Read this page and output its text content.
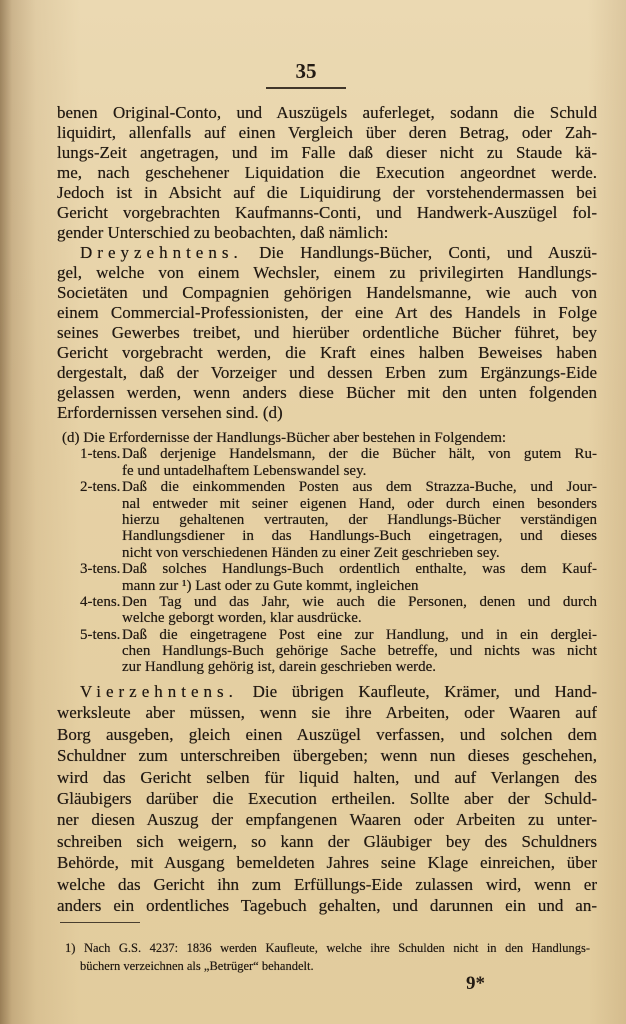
35
benen Original-Conto, und Auszügels auferleget, sodann die Schuld
liquidirt, allenfalls auf einen Vergleich über deren Betrag, oder Zah-
lungs-Zeit angetragen, und im Falle daß dieser nicht zu Staude kä-
me, nach geschehener Liquidation die Execution angeordnet werde.
Jedoch ist in Absicht auf die Liquidirung der vorstehendermassen bei
Gericht vorgebrachten Kaufmanns-Conti, und Handwerk-Auszügel fol-
gender Unterschied zu beobachten, daß nämlich:
Dreyzehntens. Die Handlungs-Bücher, Conti, und Auszü-
gel, welche von einem Wechsler, einem zu privilegirten Handlungs-
Societäten und Compagnien gehörigen Handelsmanne, wie auch von
einem Commercial-Professionisten, der eine Art des Handels in Folge
seines Gewerbes treibet, und hierüber ordentliche Bücher führet, bey
Gericht vorgebracht werden, die Kraft eines halben Beweises haben
dergestalt, daß der Vorzeiger und dessen Erben zum Ergänzungs-Eide
gelassen werden, wenn anders diese Bücher mit den unten folgenden
Erfordernissen versehen sind. (d)
(d) Die Erfordernisse der Handlungs-Bücher aber bestehen in Folgendem:
1-tens. Daß derjenige Handelsmann, der die Bücher hält, von gutem Ru-
fe und untadelhaftem Lebenswandel sey.
2-tens. Daß die einkommenden Posten aus dem Strazza-Buche, und Jour-
nal entweder mit seiner eigenen Hand, oder durch einen besonders
hierzu gehaltenen vertrauten, der Handlungs-Bücher verständigen
Handlungsdiener in das Handlungs-Buch eingetragen, und dieses
nicht von verschiedenen Händen zu einer Zeit geschrieben sey.
3-tens. Daß solches Handlungs-Buch ordentlich enthalte, was dem Kauf-
mann zur ¹) Last oder zu Gute kommt, ingleichen
4-tens. Den Tag und das Jahr, wie auch die Personen, denen und durch
welche geborgt worden, klar ausdrücke.
5-tens. Daß die eingetragene Post eine zur Handlung, und in ein derglei-
chen Handlungs-Buch gehörige Sache betreffe, und nichts was nicht
zur Handlung gehörig ist, darein geschrieben werde.
Vierzehntens. Die übrigen Kaufleute, Krämer, und Hand-
werksleute aber müssen, wenn sie ihre Arbeiten, oder Waaren auf
Borg ausgeben, gleich einen Auszügel verfassen, und solchen dem
Schuldner zum unterschreiben übergeben; wenn nun dieses geschehen,
wird das Gericht selben für liquid halten, und auf Verlangen des
Gläubigers darüber die Execution ertheilen. Sollte aber der Schuld-
ner diesen Auszug der empfangenen Waaren oder Arbeiten zu unter-
schreiben sich weigern, so kann der Gläubiger bey des Schuldners
Behörde, mit Ausgang bemeldeten Jahres seine Klage einreichen, über
welche das Gericht ihn zum Erfüllungs-Eide zulassen wird, wenn er
anders ein ordentliches Tagebuch gehalten, und darunnen ein und an-
1) Nach G.S. 4237: 1836 werden Kaufleute, welche ihre Schulden nicht in den Handlungs-
büchern verzeichnen als „Betrüger“ behandelt.
9*
